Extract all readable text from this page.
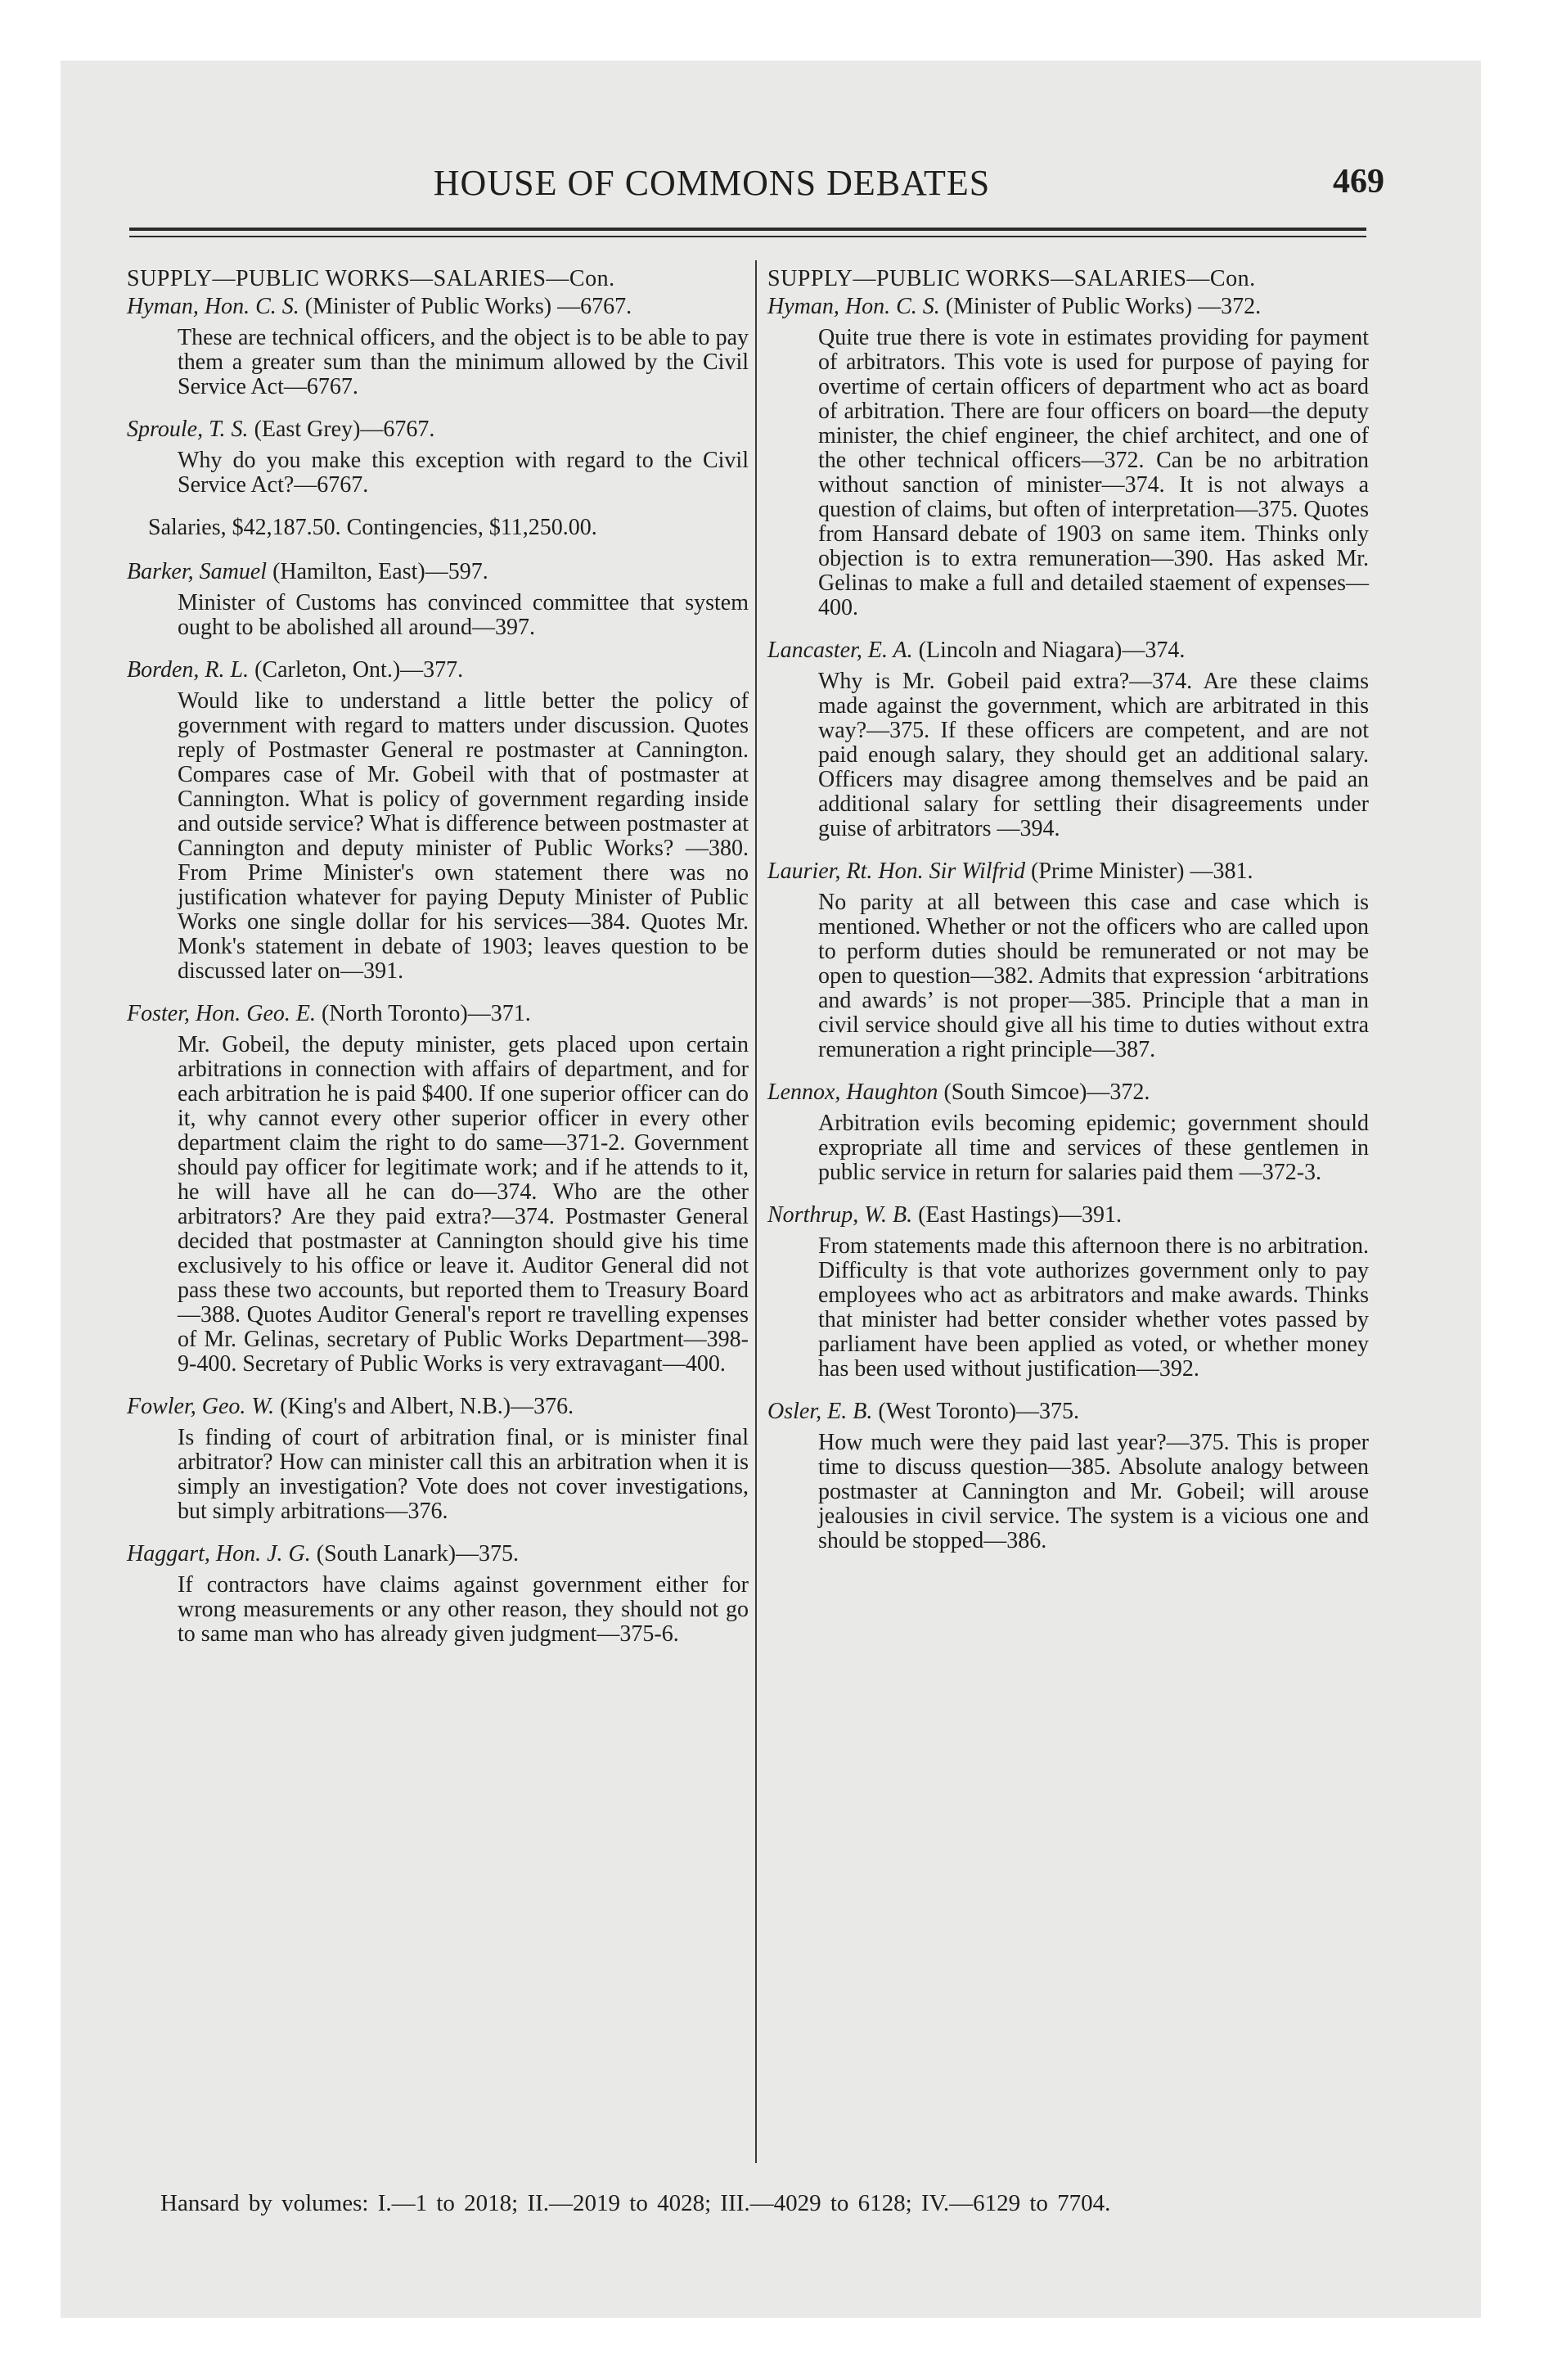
HOUSE OF COMMONS DEBATES	469
SUPPLY—PUBLIC WORKS—SALARIES—Con.

Hyman, Hon. C. S. (Minister of Public Works) —6767.

These are technical officers, and the object is to be able to pay them a greater sum than the minimum allowed by the Civil Service Act—6767.

Sproule, T. S. (East Grey)—6767.

Why do you make this exception with regard to the Civil Service Act?—6767.

Salaries, $42,187.50. Contingencies, $11,250.00.

Barker, Samuel (Hamilton, East)—597.

Minister of Customs has convinced committee that system ought to be abolished all around—397.

Borden, R. L. (Carleton, Ont.)—377.

Would like to understand a little better the policy of government with regard to matters under discussion. Quotes reply of Postmaster General re postmaster at Cannington. Compares case of Mr. Gobeil with that of postmaster at Cannington. What is policy of government regarding inside and outside service? What is difference between postmaster at Cannington and deputy minister of Public Works? —380. From Prime Minister's own statement there was no justification whatever for paying Deputy Minister of Public Works one single dollar for his services—384. Quotes Mr. Monk's statement in debate of 1903; leaves question to be discussed later on—391.

Foster, Hon. Geo. E. (North Toronto)—371.

Mr. Gobeil, the deputy minister, gets placed upon certain arbitrations in connection with affairs of department, and for each arbitration he is paid $400. If one superior officer can do it, why cannot every other superior officer in every other department claim the right to do same—371-2. Government should pay officer for legitimate work; and if he attends to it, he will have all he can do—374. Who are the other arbitrators? Are they paid extra?—374. Postmaster General decided that postmaster at Cannington should give his time exclusively to his office or leave it. Auditor General did not pass these two accounts, but reported them to Treasury Board—388. Quotes Auditor General's report re travelling expenses of Mr. Gelinas, secretary of Public Works Department—398-9-400. Secretary of Public Works is very extravagant—400.

Fowler, Geo. W. (King's and Albert, N.B.)—376.

Is finding of court of arbitration final, or is minister final arbitrator? How can minister call this an arbitration when it is simply an investigation? Vote does not cover investigations, but simply arbitrations—376.

Haggart, Hon. J. G. (South Lanark)—375.

If contractors have claims against government either for wrong measurements or any other reason, they should not go to same man who has already given judgment—375-6.

SUPPLY—PUBLIC WORKS—SALARIES—Con.

Hyman, Hon. C. S. (Minister of Public Works) —372.

Quite true there is vote in estimates providing for payment of arbitrators. This vote is used for purpose of paying for overtime of certain officers of department who act as board of arbitration. There are four officers on board—the deputy minister, the chief engineer, the chief architect, and one of the other technical officers—372. Can be no arbitration without sanction of minister—374. It is not always a question of claims, but often of interpretation—375. Quotes from Hansard debate of 1903 on same item. Thinks only objection is to extra remuneration—390. Has asked Mr. Gelinas to make a full and detailed staement of expenses—400.

Lancaster, E. A. (Lincoln and Niagara)—374.

Why is Mr. Gobeil paid extra?—374. Are these claims made against the government, which are arbitrated in this way?—375. If these officers are competent, and are not paid enough salary, they should get an additional salary. Officers may disagree among themselves and be paid an additional salary for settling their disagreements under guise of arbitrators —394.

Laurier, Rt. Hon. Sir Wilfrid (Prime Minister) —381.

No parity at all between this case and case which is mentioned. Whether or not the officers who are called upon to perform duties should be remunerated or not may be open to question—382. Admits that expression ‘arbitrations and awards’ is not proper—385. Principle that a man in civil service should give all his time to duties without extra remuneration a right principle—387.

Lennox, Haughton (South Simcoe)—372.

Arbitration evils becoming epidemic; government should expropriate all time and services of these gentlemen in public service in return for salaries paid them —372-3.

Northrup, W. B. (East Hastings)—391.

From statements made this afternoon there is no arbitration. Difficulty is that vote authorizes government only to pay employees who act as arbitrators and make awards. Thinks that minister had better consider whether votes passed by parliament have been applied as voted, or whether money has been used without justification—392.

Osler, E. B. (West Toronto)—375.

How much were they paid last year?—375. This is proper time to discuss question—385. Absolute analogy between postmaster at Cannington and Mr. Gobeil; will arouse jealousies in civil service. The system is a vicious one and should be stopped—386.

Hansard by volumes: I.—1 to 2018; II.—2019 to 4028; III.—4029 to 6128; IV.—6129 to 7704.
